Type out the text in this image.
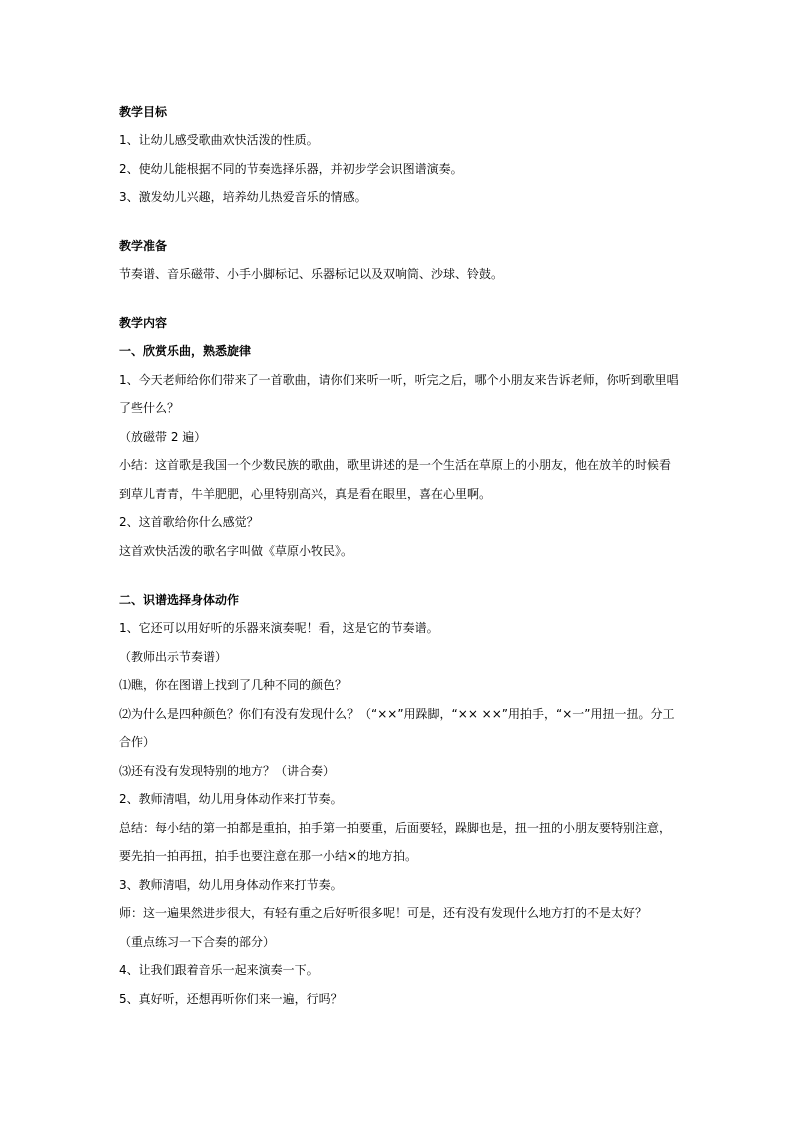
教学目标
1、让幼儿感受歌曲欢快活泼的性质。
2、使幼儿能根据不同的节奏选择乐器，并初步学会识图谱演奏。
3、激发幼儿兴趣，培养幼儿热爱音乐的情感。
教学准备
节奏谱、音乐磁带、小手小脚标记、乐器标记以及双响筒、沙球、铃鼓。
教学内容
一、欣赏乐曲，熟悉旋律
1、今天老师给你们带来了一首歌曲，请你们来听一听，听完之后，哪个小朋友来告诉老师，你听到歌里唱
了些什么？
（放磁带 2 遍）
小结：这首歌是我国一个少数民族的歌曲，歌里讲述的是一个生活在草原上的小朋友，他在放羊的时候看
到草儿青青，牛羊肥肥，心里特别高兴，真是看在眼里，喜在心里啊。
2、这首歌给你什么感觉？
这首欢快活泼的歌名字叫做《草原小牧民》。
二、识谱选择身体动作
1、它还可以用好听的乐器来演奏呢！看，这是它的节奏谱。
（教师出示节奏谱）
⑴瞧，你在图谱上找到了几种不同的颜色？
⑵为什么是四种颜色？你们有没有发现什么？（“××”用跺脚，“×× ××”用拍手，“×一”用扭一扭。分工
合作）
⑶还有没有发现特别的地方？（讲合奏）
2、教师清唱，幼儿用身体动作来打节奏。
总结：每小结的第一拍都是重拍，拍手第一拍要重，后面要轻，跺脚也是，扭一扭的小朋友要特别注意，
要先拍一拍再扭，拍手也要注意在那一小结×的地方拍。
3、教师清唱，幼儿用身体动作来打节奏。
师：这一遍果然进步很大，有轻有重之后好听很多呢！可是，还有没有发现什么地方打的不是太好？
（重点练习一下合奏的部分）
4、让我们跟着音乐一起来演奏一下。
5、真好听，还想再听你们来一遍，行吗？
